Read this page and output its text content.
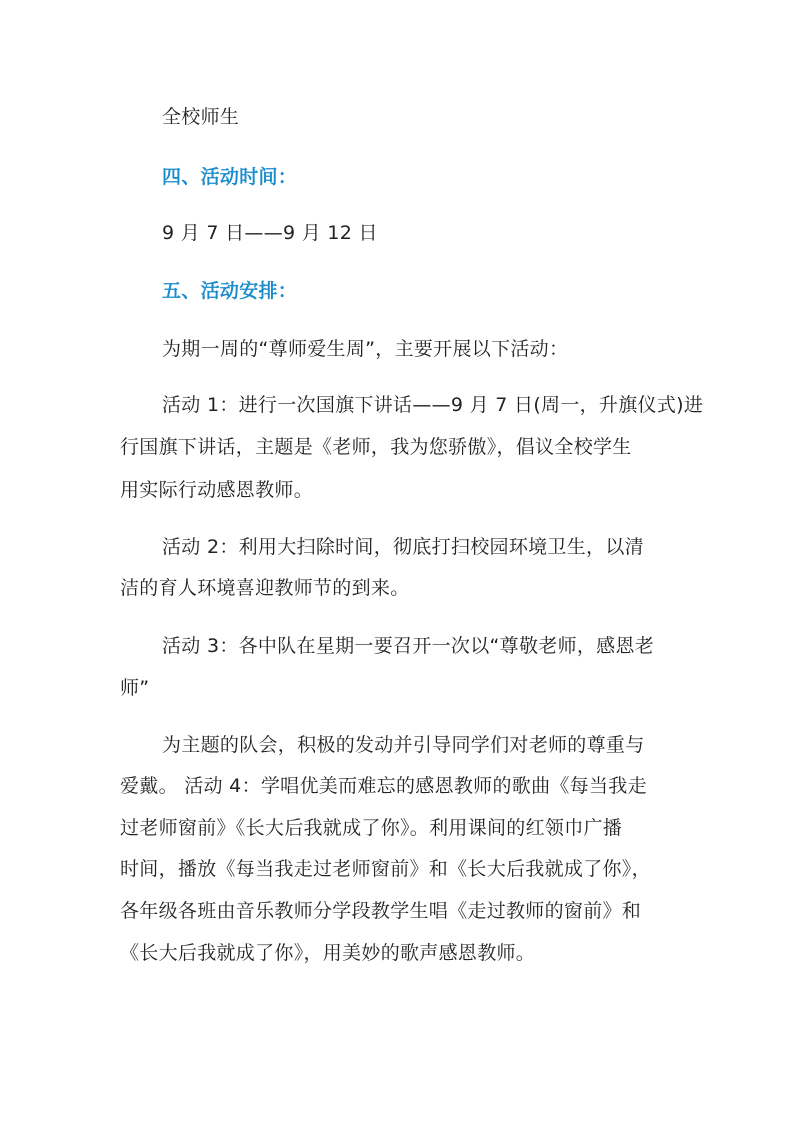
全校师生
四、活动时间：
9 月 7 日——9 月 12 日
五、活动安排：
为期一周的“尊师爱生周”，主要开展以下活动：
活动 1：进行一次国旗下讲话——9 月 7 日(周一，升旗仪式)进
行国旗下讲话，主题是《老师，我为您骄傲》，倡议全校学生
用实际行动感恩教师。
活动 2：利用大扫除时间，彻底打扫校园环境卫生，以清
洁的育人环境喜迎教师节的到来。
活动 3：各中队在星期一要召开一次以“尊敬老师，感恩老
师”
为主题的队会，积极的发动并引导同学们对老师的尊重与
爱戴。 活动 4：学唱优美而难忘的感恩教师的歌曲《每当我走
过老师窗前》《长大后我就成了你》。利用课间的红领巾广播
时间，播放《每当我走过老师窗前》和《长大后我就成了你》，
各年级各班由音乐教师分学段教学生唱《走过教师的窗前》和
《长大后我就成了你》，用美妙的歌声感恩教师。
